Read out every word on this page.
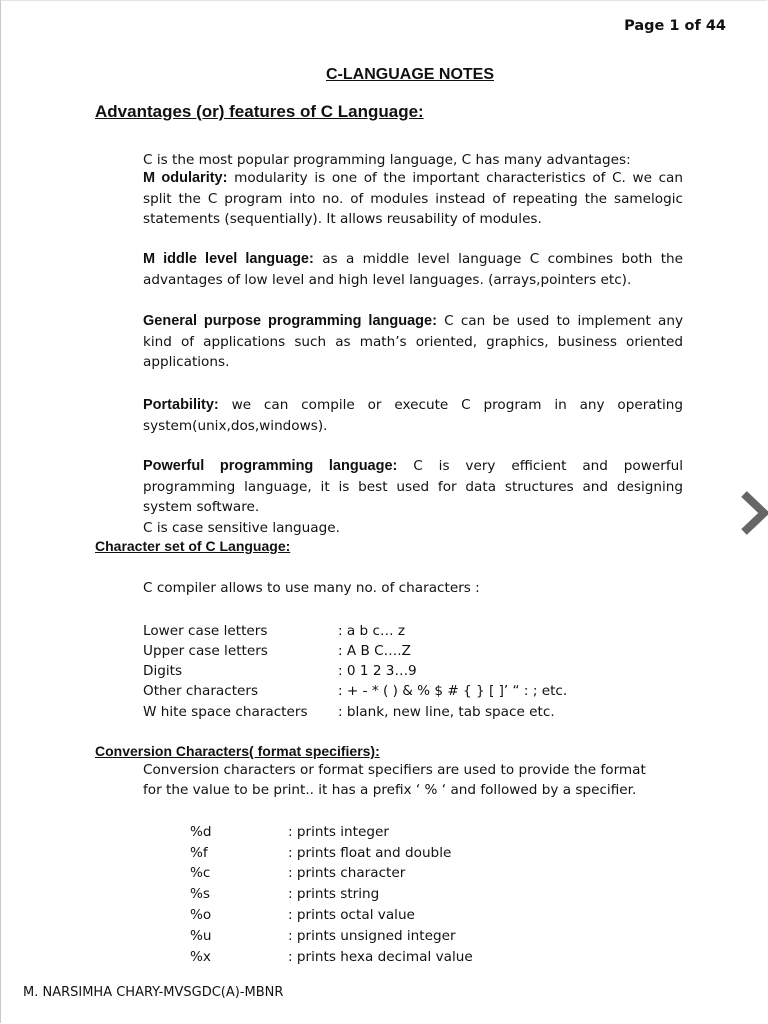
Page 1 of 44
C-LANGUAGE NOTES
Advantages (or) features of C Language:
C is the most popular programming language, C has many advantages:
M odularity: modularity is one of the important characteristics of C. we can split the C program into no. of modules instead of repeating the samelogic statements (sequentially). It allows reusability of modules.
M iddle level language: as a middle level language C combines both the advantages of low level and high level languages. (arrays,pointers etc).
General purpose programming language: C can be used to implement any kind of applications such as math’s oriented, graphics, business oriented applications.
Portability: we can compile or execute C program in any operating system(unix,dos,windows).
Powerful programming language: C is very efficient and powerful programming language, it is best used for data structures and designing system software.
C is case sensitive language.
Character set of C Language:
C compiler allows to use many no. of characters :
Lower case letters	: a b c… z
Upper case letters	: A B C….Z
Digits	: 0 1 2 3…9
Other characters	: + - * ( ) & % $ # { } [ ]’ “ : ; etc.
W hite space characters : blank, new line, tab space etc.
Conversion Characters( format specifiers):
Conversion characters or format specifiers are used to provide the format
for the value to be print.. it has a prefix ‘ % ‘ and followed by a specifier.
%d	: prints integer
%f	: prints float and double
%c	: prints character
%s	: prints string
%o	: prints octal value
%u	: prints unsigned integer
%x	: prints hexa decimal value
M. NARSIMHA CHARY-MVSGDC(A)-MBNR
